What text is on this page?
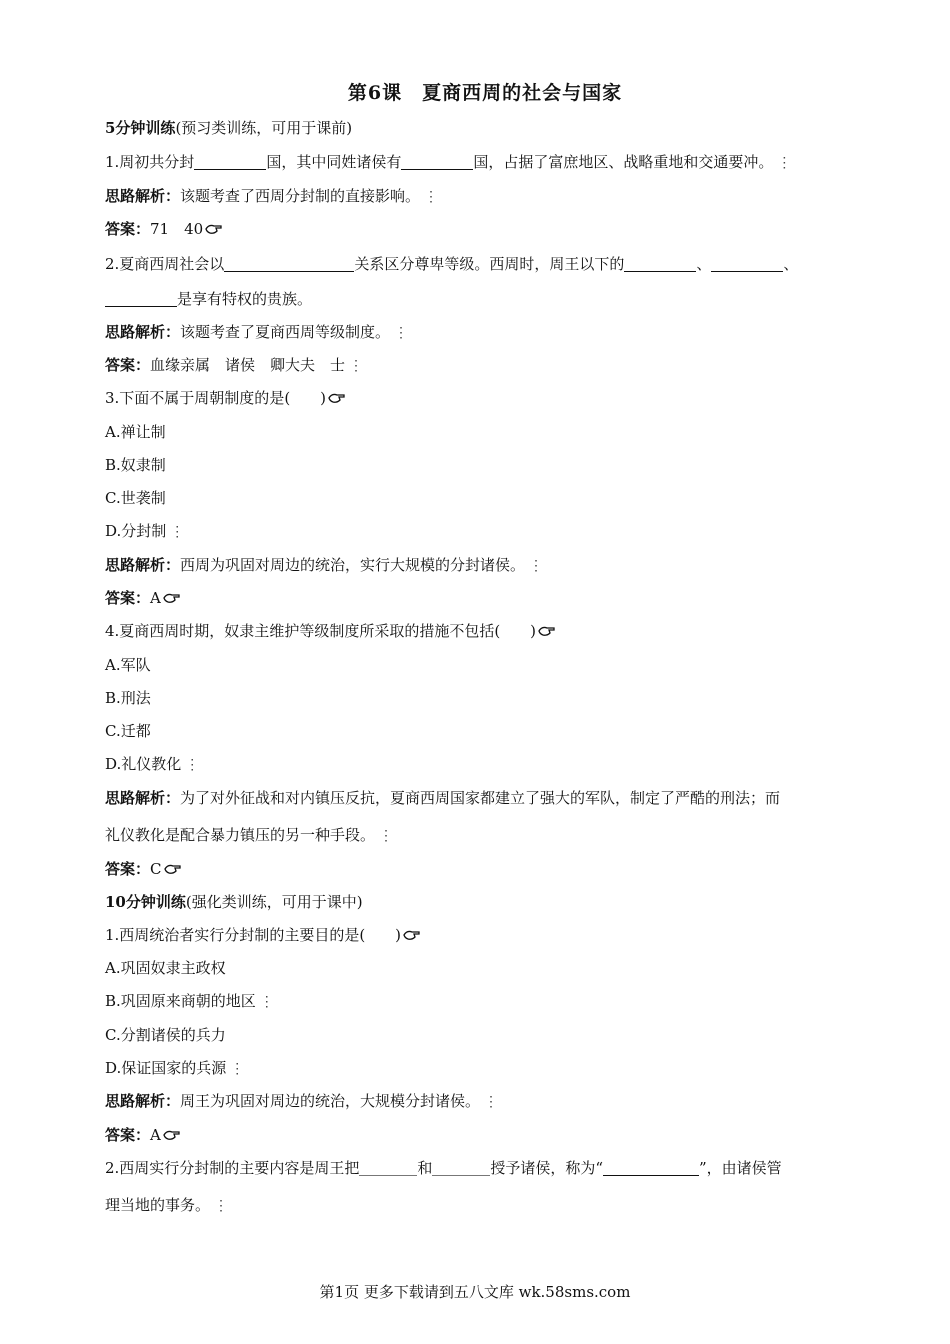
第6课　夏商西周的社会与国家
5分钟训练(预习类训练，可用于课前)
1.周初共分封	国，其中同姓诸侯有	国，占据了富庶地区、战略重地和交通要冲。 ⋮
思路解析：该题考查了西周分封制的直接影响。 ⋮
答案：71　40
2.夏商西周社会以	关系区分尊卑等级。西周时，周王以下的	、	、
是享有特权的贵族。
思路解析：该题考查了夏商西周等级制度。 ⋮
答案：血缘亲属　诸侯　卿大夫　士 ⋮
3.下面不属于周朝制度的是(　　)
A.禅让制
B.奴隶制
C.世袭制
D.分封制 ⋮
思路解析：西周为巩固对周边的统治，实行大规模的分封诸侯。 ⋮
答案：A
4.夏商西周时期，奴隶主维护等级制度所采取的措施不包括(　　)
A.军队
B.刑法
C.迁都
D.礼仪教化 ⋮
思路解析：为了对外征战和对内镇压反抗，夏商西周国家都建立了强大的军队，制定了严酷的刑法；而
礼仪教化是配合暴力镇压的另一种手段。 ⋮
答案：C
10分钟训练(强化类训练，可用于课中)
1.西周统治者实行分封制的主要目的是(　　)
A.巩固奴隶主政权
B.巩固原来商朝的地区 ⋮
C.分割诸侯的兵力
D.保证国家的兵源 ⋮
思路解析：周王为巩固对周边的统治，大规模分封诸侯。 ⋮
答案：A
2.西周实行分封制的主要内容是周王把	和	授予诸侯，称为“	”，由诸侯管
理当地的事务。 ⋮
第1页 更多下载请到五八文库 wk.58sms.com
